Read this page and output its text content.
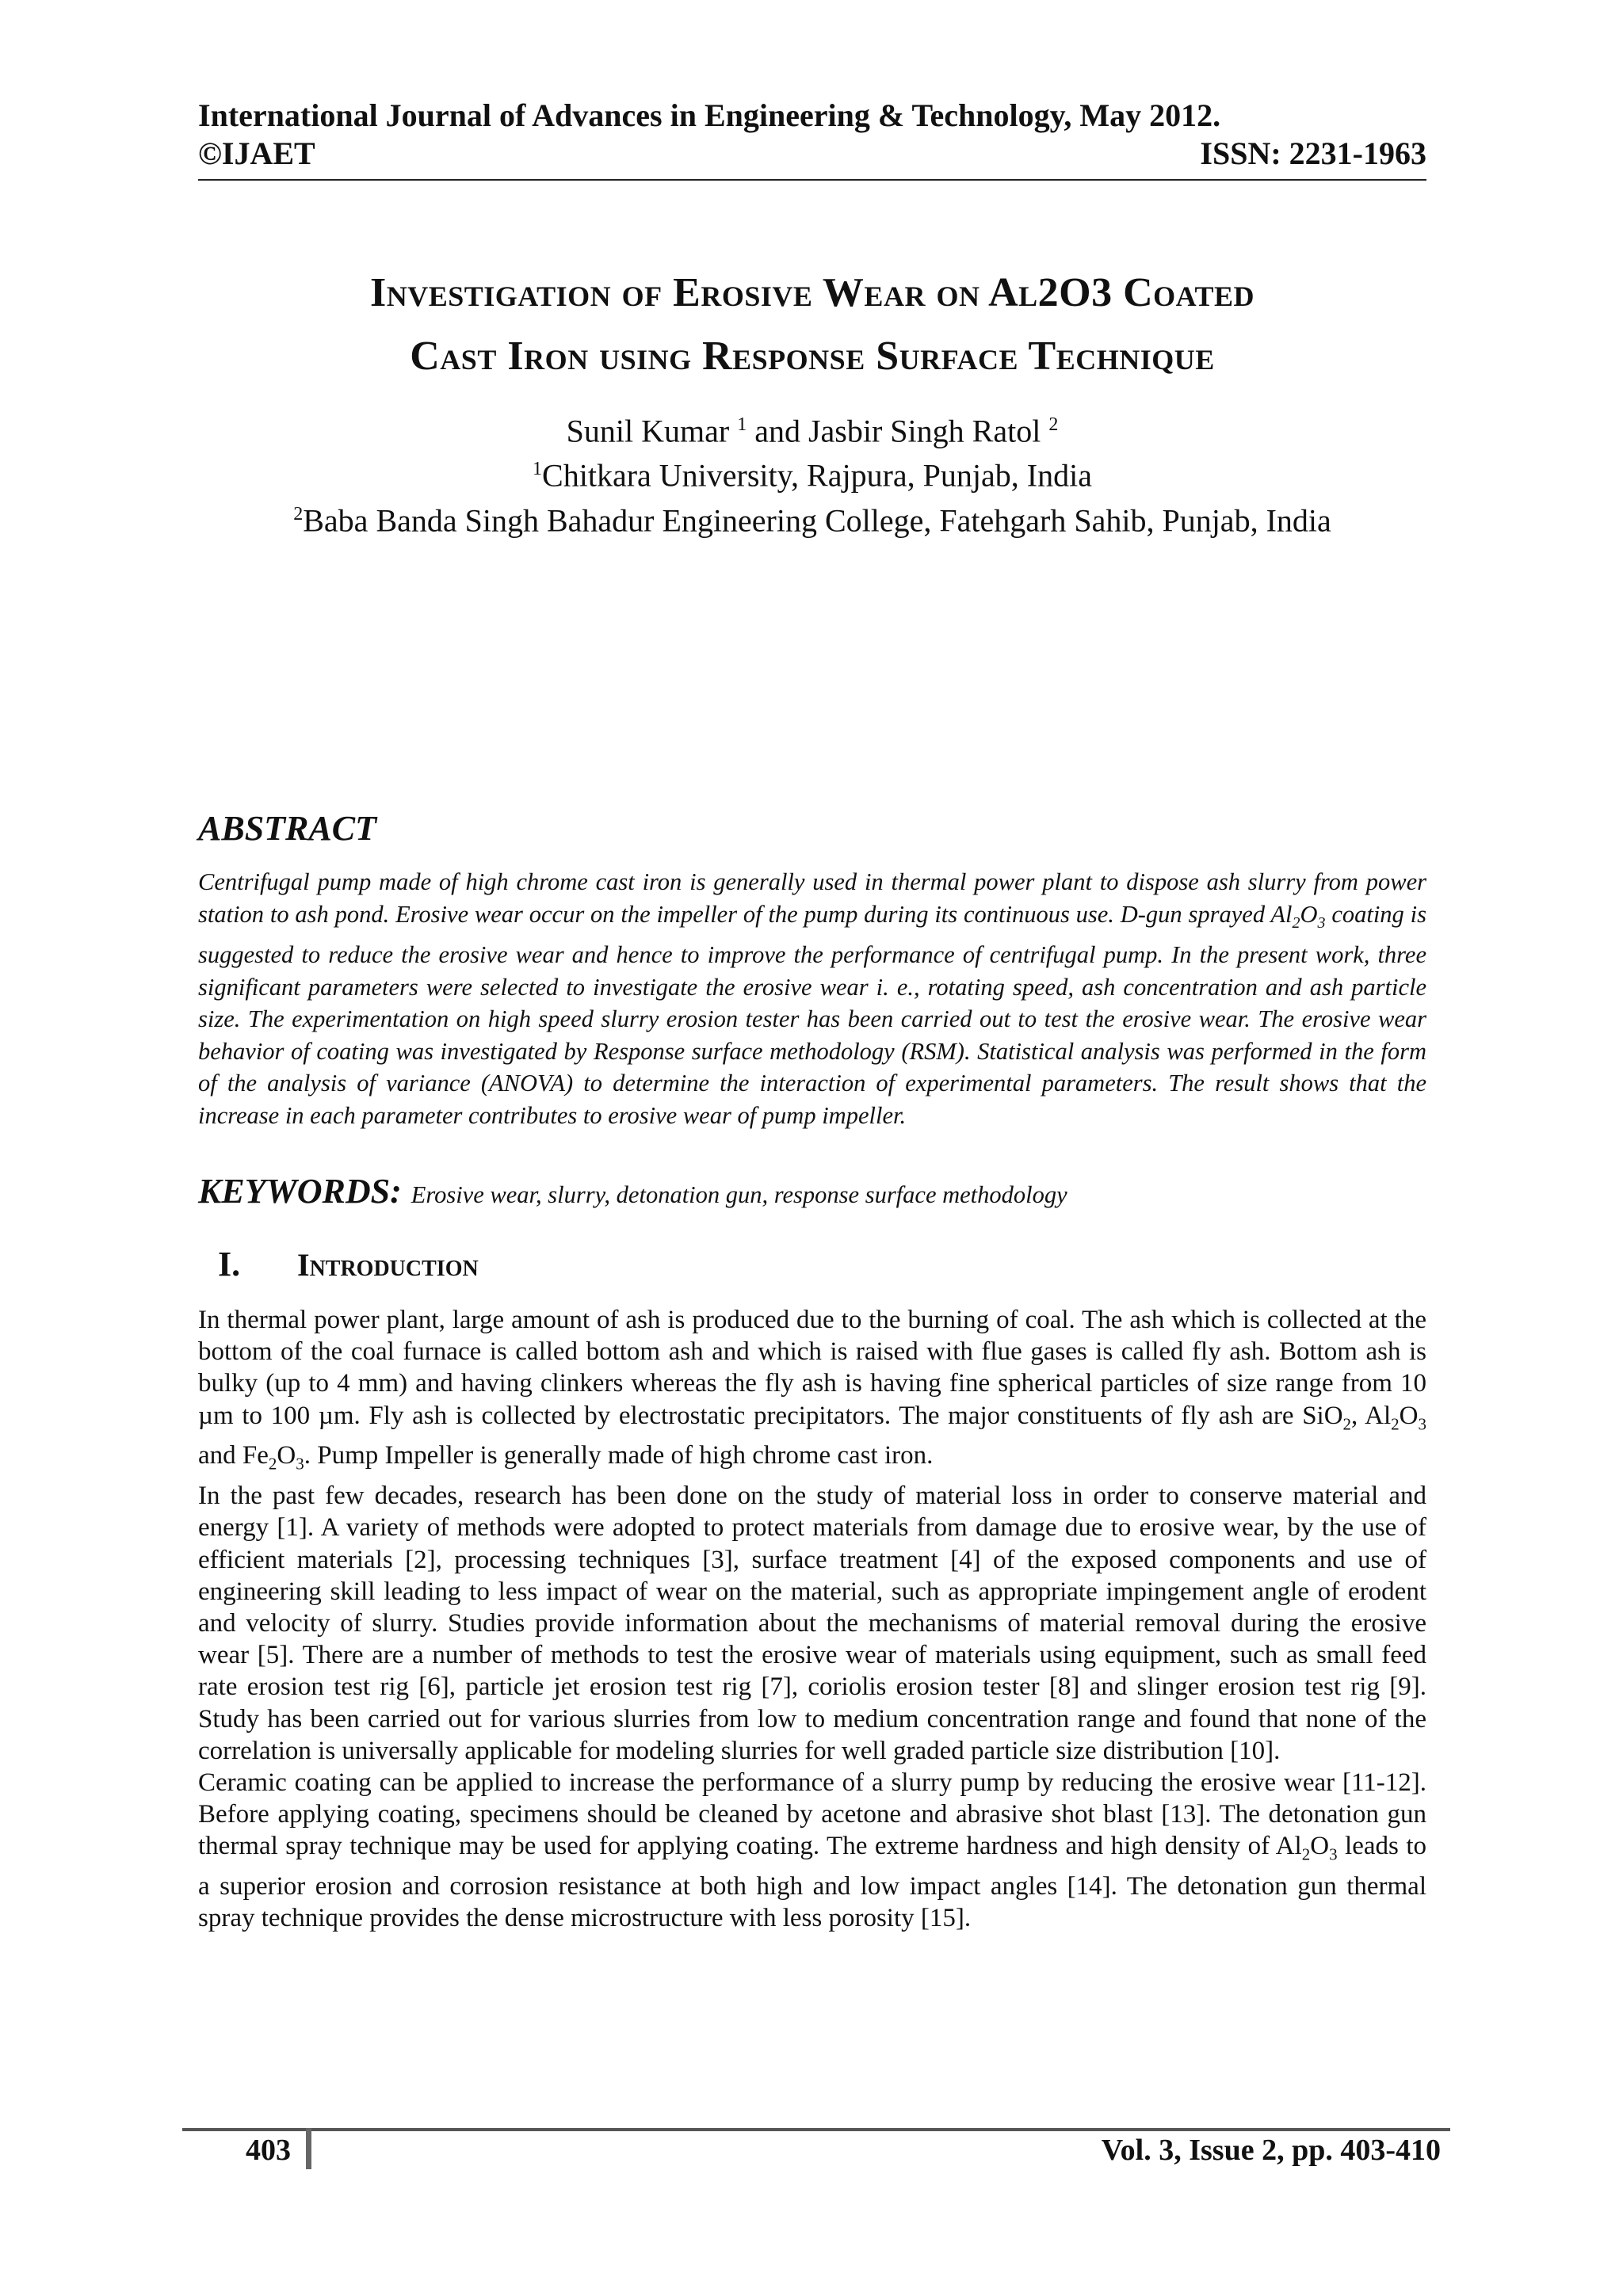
International Journal of Advances in Engineering & Technology, May 2012.
©IJAET	ISSN: 2231-1963
Investigation of Erosive Wear on Al2O3 Coated
Cast Iron using Response Surface Technique
Sunil Kumar $^1$ and Jasbir Singh Ratol $^2$
$^1$Chitkara University, Rajpura, Punjab, India
$^2$Baba Banda Singh Bahadur Engineering College, Fatehgarh Sahib, Punjab, India
ABSTRACT
Centrifugal pump made of high chrome cast iron is generally used in thermal power plant to dispose ash slurry from power station to ash pond. Erosive wear occur on the impeller of the pump during its continuous use. D-gun sprayed $Al_2O_3$ coating is suggested to reduce the erosive wear and hence to improve the performance of centrifugal pump. In the present work, three significant parameters were selected to investigate the erosive wear i. e., rotating speed, ash concentration and ash particle size. The experimentation on high speed slurry erosion tester has been carried out to test the erosive wear. The erosive wear behavior of coating was investigated by Response surface methodology (RSM). Statistical analysis was performed in the form of the analysis of variance (ANOVA) to determine the interaction of experimental parameters. The result shows that the increase in each parameter contributes to erosive wear of pump impeller.
KEYWORDS: Erosive wear, slurry, detonation gun, response surface methodology
I. Introduction

In thermal power plant, large amount of ash is produced due to the burning of coal. The ash which is collected at the bottom of the coal furnace is called bottom ash and which is raised with flue gases is called fly ash. Bottom ash is bulky (up to 4 mm) and having clinkers whereas the fly ash is having fine spherical particles of size range from 10 µm to 100 µm. Fly ash is collected by electrostatic precipitators. The major constituents of fly ash are SiO$_2$, $Al_2O_3$ and $Fe_2O_3$. Pump Impeller is generally made of high chrome cast iron.

In the past few decades, research has been done on the study of material loss in order to conserve material and energy [1]. A variety of methods were adopted to protect materials from damage due to erosive wear, by the use of efficient materials [2], processing techniques [3], surface treatment [4] of the exposed components and use of engineering skill leading to less impact of wear on the material, such as appropriate impingement angle of erodent and velocity of slurry. Studies provide information about the mechanisms of material removal during the erosive wear [5]. There are a number of methods to test the erosive wear of materials using equipment, such as small feed rate erosion test rig [6], particle jet erosion test rig [7], coriolis erosion tester [8] and slinger erosion test rig [9]. Study has been carried out for various slurries from low to medium concentration range and found that none of the correlation is universally applicable for modeling slurries for well graded particle size distribution [10].

Ceramic coating can be applied to increase the performance of a slurry pump by reducing the erosive wear [11-12]. Before applying coating, specimens should be cleaned by acetone and abrasive shot blast [13]. The detonation gun thermal spray technique may be used for applying coating. The extreme hardness and high density of $Al_2O_3$ leads to a superior erosion and corrosion resistance at both high and low impact angles [14]. The detonation gun thermal spray technique provides the dense microstructure with less porosity [15].

403	Vol. 3, Issue 2, pp. 403-410
